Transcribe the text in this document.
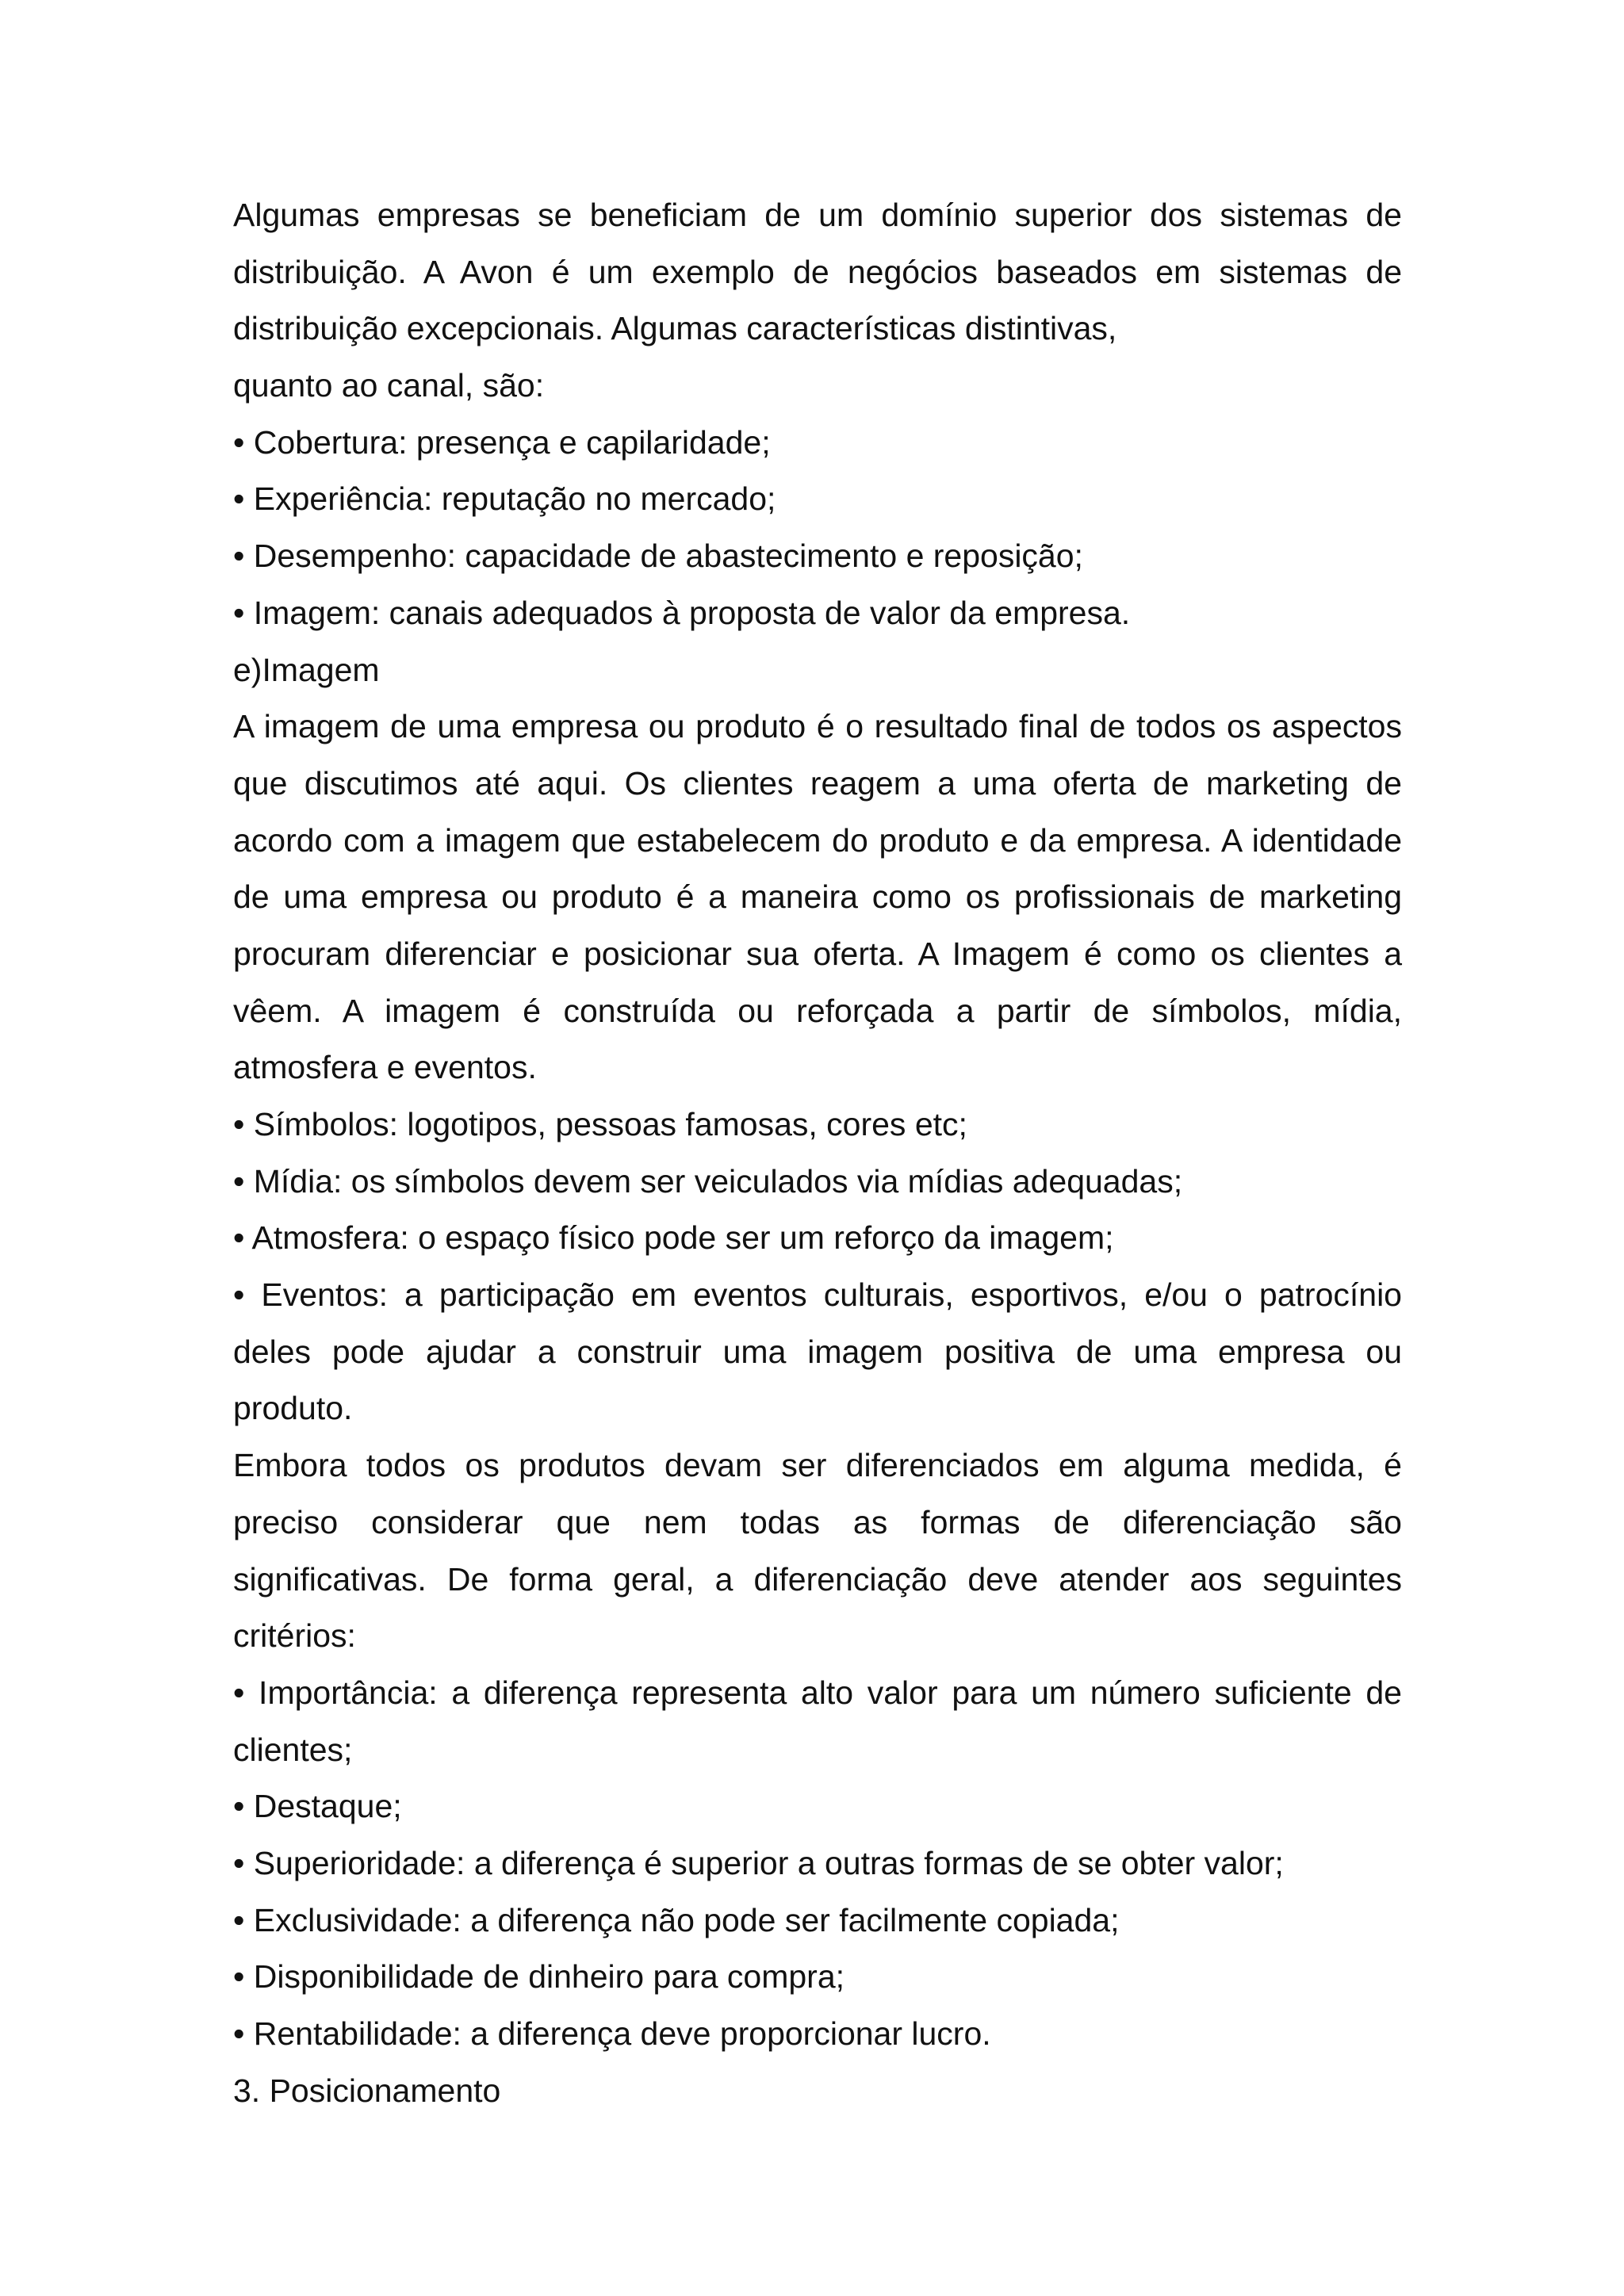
Algumas empresas se beneficiam de um domínio superior dos sistemas de
distribuição. A Avon é um exemplo de negócios baseados em sistemas de
distribuição excepcionais. Algumas características distintivas,
quanto ao canal, são:
• Cobertura: presença e capilaridade;
• Experiência: reputação no mercado;
• Desempenho: capacidade de abastecimento e reposição;
• Imagem: canais adequados à proposta de valor da empresa.
e)Imagem
A imagem de uma empresa ou produto é o resultado final de todos os aspectos
que discutimos até aqui. Os clientes reagem a uma oferta de marketing de
acordo com a imagem que estabelecem do produto e da empresa. A identidade
de uma empresa ou produto é a maneira como os profissionais de marketing
procuram diferenciar e posicionar sua oferta. A Imagem é como os clientes a
vêem. A imagem é construída ou reforçada a partir de símbolos, mídia,
atmosfera e eventos.
• Símbolos: logotipos, pessoas famosas, cores etc;
• Mídia: os símbolos devem ser veiculados via mídias adequadas;
• Atmosfera: o espaço físico pode ser um reforço da imagem;
• Eventos: a participação em eventos culturais, esportivos, e/ou o patrocínio
deles pode ajudar a construir uma imagem positiva de uma empresa ou
produto.
Embora todos os produtos devam ser diferenciados em alguma medida, é
preciso considerar que nem todas as formas de diferenciação são
significativas. De forma geral, a diferenciação deve atender aos seguintes
critérios:
• Importância: a diferença representa alto valor para um número suficiente de
clientes;
• Destaque;
• Superioridade: a diferença é superior a outras formas de se obter valor;
• Exclusividade: a diferença não pode ser facilmente copiada;
• Disponibilidade de dinheiro para compra;
• Rentabilidade: a diferença deve proporcionar lucro.
3. Posicionamento
